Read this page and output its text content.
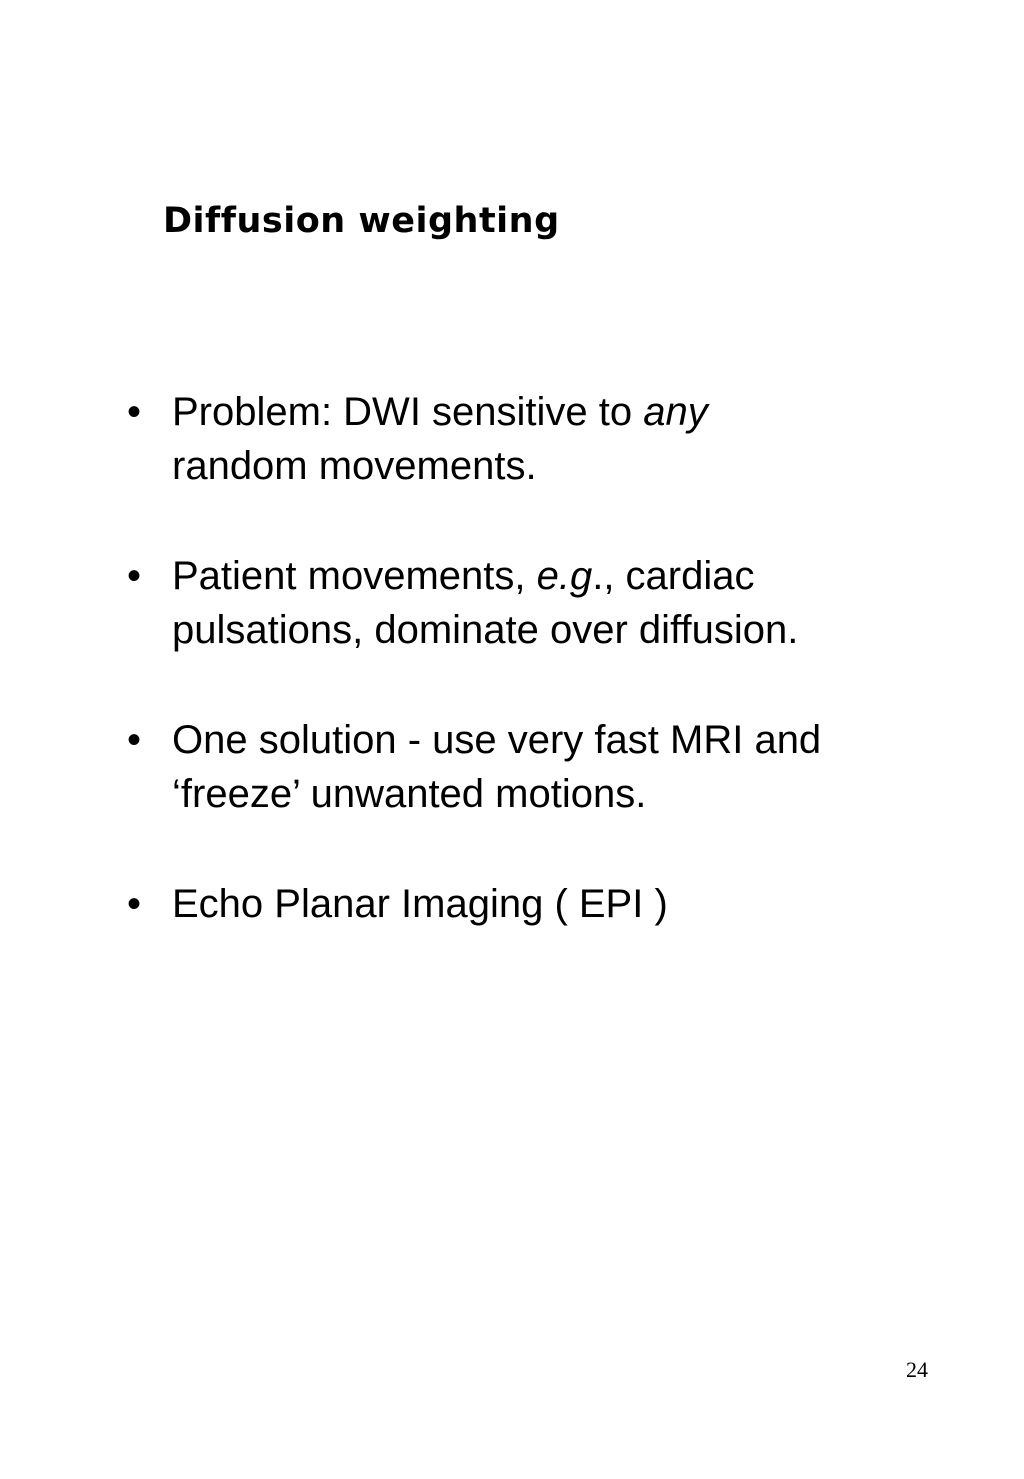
Diffusion weighting
• Problem: DWI sensitive to any
random movements.
• Patient movements, e.g., cardiac
pulsations, dominate over diffusion.
• One solution - use very fast MRI and
‘freeze’ unwanted motions.
• Echo Planar Imaging ( EPI )
24
